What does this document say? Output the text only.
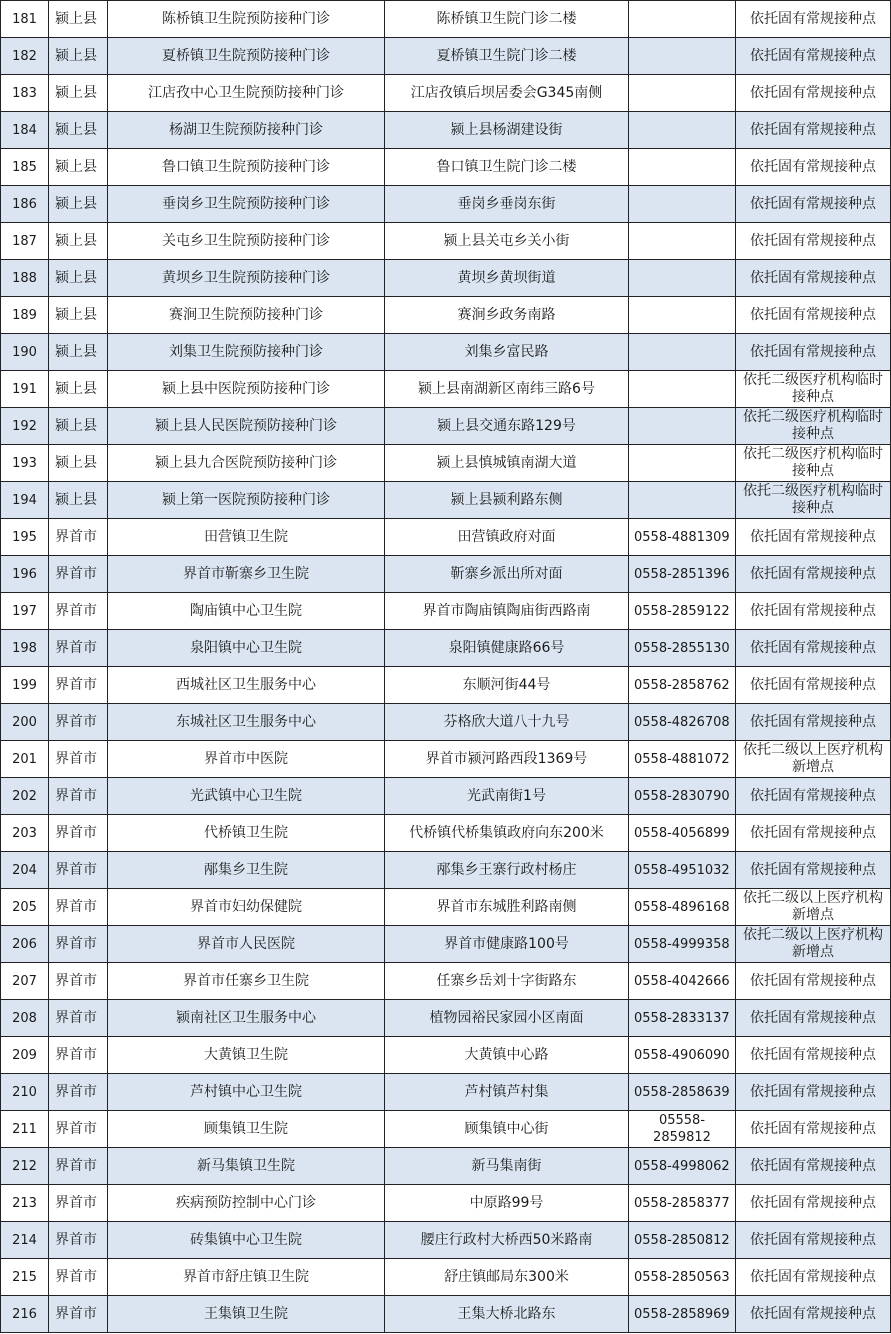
181	颍上县	陈桥镇卫生院预防接种门诊	陈桥镇卫生院门诊二楼		依托固有常规接种点
182	颍上县	夏桥镇卫生院预防接种门诊	夏桥镇卫生院门诊二楼		依托固有常规接种点
183	颍上县	江店孜中心卫生院预防接种门诊	江店孜镇后坝居委会G345南侧		依托固有常规接种点
184	颍上县	杨湖卫生院预防接种门诊	颍上县杨湖建设街		依托固有常规接种点
185	颍上县	鲁口镇卫生院预防接种门诊	鲁口镇卫生院门诊二楼		依托固有常规接种点
186	颍上县	垂岗乡卫生院预防接种门诊	垂岗乡垂岗东街		依托固有常规接种点
187	颍上县	关屯乡卫生院预防接种门诊	颍上县关屯乡关小街		依托固有常规接种点
188	颍上县	黄坝乡卫生院预防接种门诊	黄坝乡黄坝街道		依托固有常规接种点
189	颍上县	赛涧卫生院预防接种门诊	赛涧乡政务南路		依托固有常规接种点
190	颍上县	刘集卫生院预防接种门诊	刘集乡富民路		依托固有常规接种点
191	颍上县	颍上县中医院预防接种门诊	颍上县南湖新区南纬三路6号		依托二级医疗机构临时接种点
192	颍上县	颍上县人民医院预防接种门诊	颍上县交通东路129号		依托二级医疗机构临时接种点
193	颍上县	颍上县九合医院预防接种门诊	颍上县慎城镇南湖大道		依托二级医疗机构临时接种点
194	颍上县	颍上第一医院预防接种门诊	颍上县颍利路东侧		依托二级医疗机构临时接种点
195	界首市	田营镇卫生院	田营镇政府对面	0558-4881309	依托固有常规接种点
196	界首市	界首市靳寨乡卫生院	靳寨乡派出所对面	0558-2851396	依托固有常规接种点
197	界首市	陶庙镇中心卫生院	界首市陶庙镇陶庙街西路南	0558-2859122	依托固有常规接种点
198	界首市	泉阳镇中心卫生院	泉阳镇健康路66号	0558-2855130	依托固有常规接种点
199	界首市	西城社区卫生服务中心	东顺河街44号	0558-2858762	依托固有常规接种点
200	界首市	东城社区卫生服务中心	芬格欣大道八十九号	0558-4826708	依托固有常规接种点
201	界首市	界首市中医院	界首市颍河路西段1369号	0558-4881072	依托二级以上医疗机构新增点
202	界首市	光武镇中心卫生院	光武南街1号	0558-2830790	依托固有常规接种点
203	界首市	代桥镇卫生院	代桥镇代桥集镇政府向东200米	0558-4056899	依托固有常规接种点
204	界首市	邴集乡卫生院	邴集乡王寨行政村杨庄	0558-4951032	依托固有常规接种点
205	界首市	界首市妇幼保健院	界首市东城胜利路南侧	0558-4896168	依托二级以上医疗机构新增点
206	界首市	界首市人民医院	界首市健康路100号	0558-4999358	依托二级以上医疗机构新增点
207	界首市	界首市任寨乡卫生院	任寨乡岳刘十字街路东	0558-4042666	依托固有常规接种点
208	界首市	颍南社区卫生服务中心	植物园裕民家园小区南面	0558-2833137	依托固有常规接种点
209	界首市	大黄镇卫生院	大黄镇中心路	0558-4906090	依托固有常规接种点
210	界首市	芦村镇中心卫生院	芦村镇芦村集	0558-2858639	依托固有常规接种点
211	界首市	顾集镇卫生院	顾集镇中心街	05558-2859812	依托固有常规接种点
212	界首市	新马集镇卫生院	新马集南街	0558-4998062	依托固有常规接种点
213	界首市	疾病预防控制中心门诊	中原路99号	0558-2858377	依托固有常规接种点
214	界首市	砖集镇中心卫生院	腰庄行政村大桥西50米路南	0558-2850812	依托固有常规接种点
215	界首市	界首市舒庄镇卫生院	舒庄镇邮局东300米	0558-2850563	依托固有常规接种点
216	界首市	王集镇卫生院	王集大桥北路东	0558-2858969	依托固有常规接种点
